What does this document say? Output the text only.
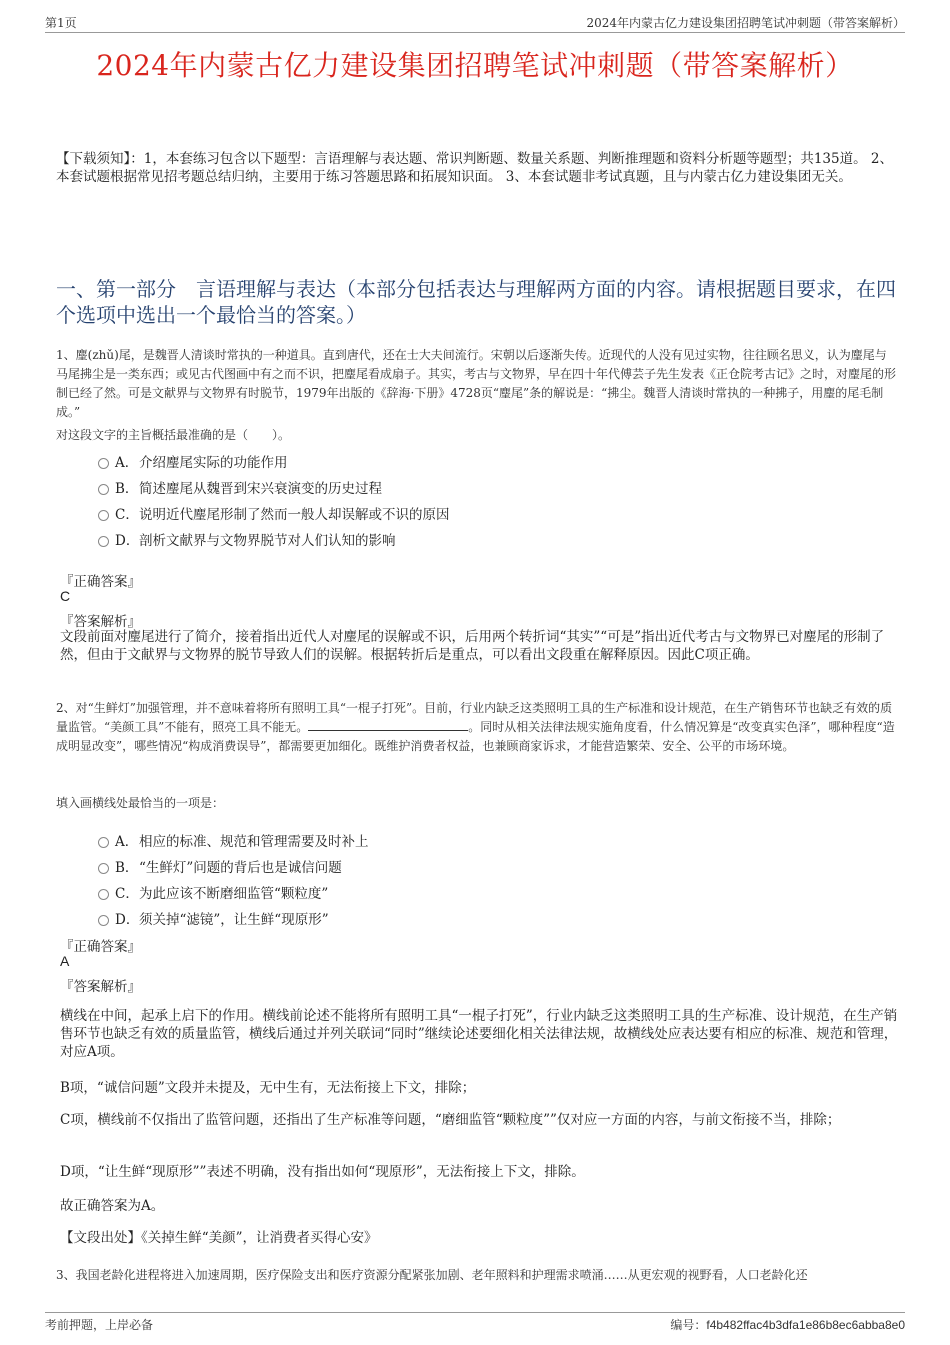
第1页	2024年内蒙古亿力建设集团招聘笔试冲刺题（带答案解析）
2024年内蒙古亿力建设集团招聘笔试冲刺题（带答案解析）
【下载须知】：1，本套练习包含以下题型：言语理解与表达题、常识判断题、数量关系题、判断推理题和资料分析题等题型；共135道。 2、本套试题根据常见招考题总结归纳，主要用于练习答题思路和拓展知识面。 3、本套试题非考试真题，且与内蒙古亿力建设集团无关。
一、第一部分　言语理解与表达（本部分包括表达与理解两方面的内容。请根据题目要求，在四个选项中选出一个最恰当的答案。）
1、麈(zhǔ)尾，是魏晋人清谈时常执的一种道具。直到唐代，还在士大夫间流行。宋朝以后逐渐失传。近现代的人没有见过实物，往往顾名思义，认为麈尾与马尾拂尘是一类东西；或见古代图画中有之而不识，把麈尾看成扇子。其实，考古与文物界，早在四十年代傅芸子先生发表《正仓院考古记》之时，对麈尾的形制已经了然。可是文献界与文物界有时脱节，1979年出版的《辞海·下册》4728页“麈尾”条的解说是：“拂尘。魏晋人清谈时常执的一种拂子，用麈的尾毛制成。”
对这段文字的主旨概括最准确的是（　　）。
A．介绍麈尾实际的功能作用
B．简述麈尾从魏晋到宋兴衰演变的历史过程
C．说明近代麈尾形制了然而一般人却误解或不识的原因
D．剖析文献界与文物界脱节对人们认知的影响
『正确答案』
C
『答案解析』
文段前面对麈尾进行了简介，接着指出近代人对麈尾的误解或不识，后用两个转折词“其实”“可是”指出近代考古与文物界已对麈尾的形制了然，但由于文献界与文物界的脱节导致人们的误解。根据转折后是重点，可以看出文段重在解释原因。因此C项正确。
2、对“生鲜灯”加强管理，并不意味着将所有照明工具“一棍子打死”。目前，行业内缺乏这类照明工具的生产标准和设计规范，在生产销售环节也缺乏有效的质量监管。“美颜工具”不能有，照亮工具不能无。	。同时从相关法律法规实施角度看，什么情况算是“改变真实色泽”，哪种程度“造成明显改变”，哪些情况“构成消费误导”，都需要更加细化。既维护消费者权益，也兼顾商家诉求，才能营造繁荣、安全、公平的市场环境。
填入画横线处最恰当的一项是：
A．相应的标准、规范和管理需要及时补上
B．“生鲜灯”问题的背后也是诚信问题
C．为此应该不断磨细监管“颗粒度”
D．须关掉“滤镜”，让生鲜“现原形”
『正确答案』
A
『答案解析』
横线在中间，起承上启下的作用。横线前论述不能将所有照明工具“一棍子打死”，行业内缺乏这类照明工具的生产标准、设计规范，在生产销售环节也缺乏有效的质量监管，横线后通过并列关联词“同时”继续论述要细化相关法律法规，故横线处应表达要有相应的标准、规范和管理，对应A项。
B项，“诚信问题”文段并未提及，无中生有，无法衔接上下文，排除；
C项，横线前不仅指出了监管问题，还指出了生产标准等问题，“磨细监管“颗粒度””仅对应一方面的内容，与前文衔接不当，排除；
D项，“让生鲜“现原形””表述不明确，没有指出如何“现原形”，无法衔接上下文，排除。
故正确答案为A。
【文段出处】《关掉生鲜“美颜”，让消费者买得心安》
3、我国老龄化进程将进入加速周期，医疗保险支出和医疗资源分配紧张加剧、老年照料和护理需求喷涌……从更宏观的视野看，人口老龄化还
考前押题，上岸必备	编号：f4b482ffac4b3dfa1e86b8ec6abba8e0
